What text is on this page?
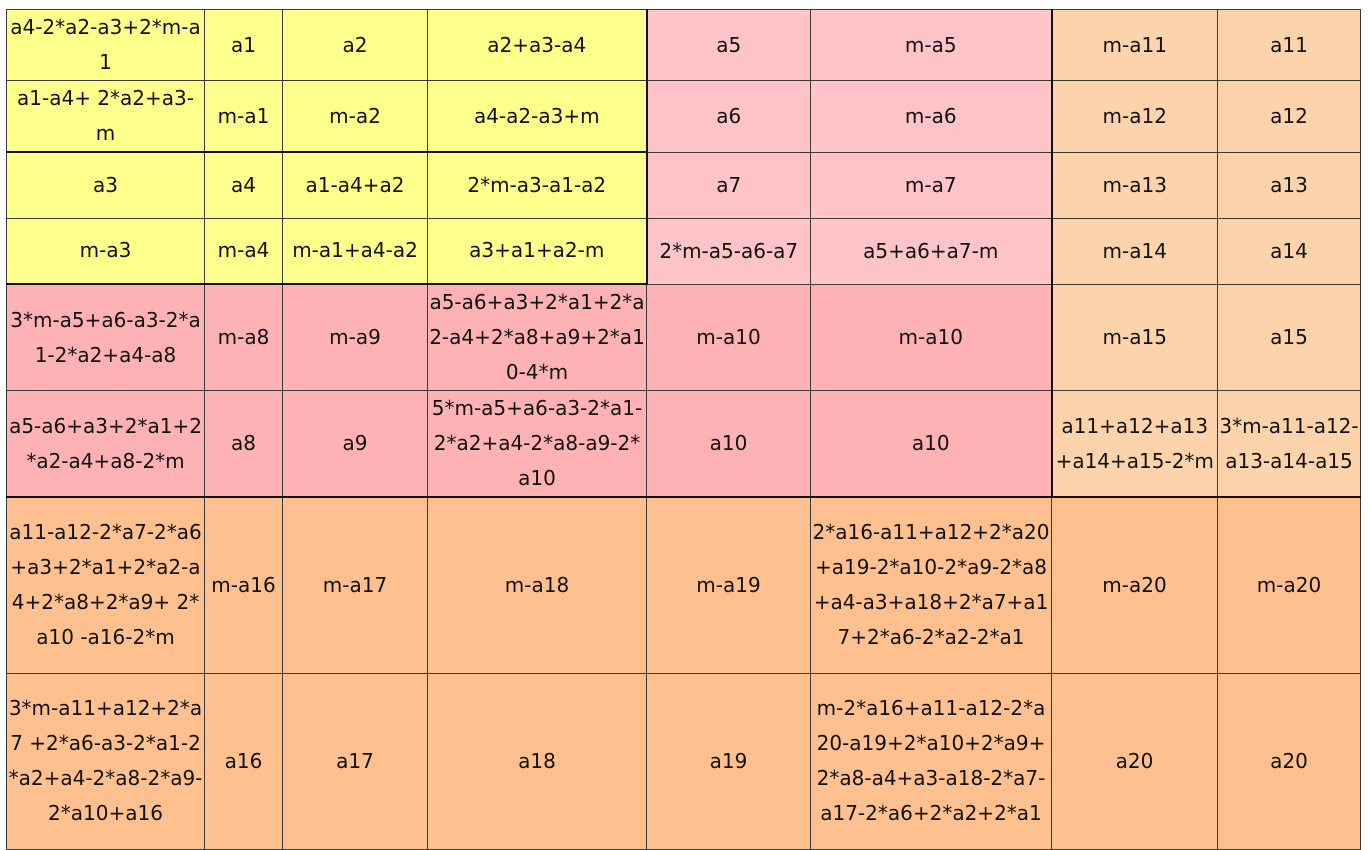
a4-2*a2-a3+2*m-a1	a1	a2	a2+a3-a4	a5	m-a5	m-a11	a11
a1-a4+ 2*a2+a3-m	m-a1	m-a2	a4-a2-a3+m	a6	m-a6	m-a12	a12
a3	a4	a1-a4+a2	2*m-a3-a1-a2	a7	m-a7	m-a13	a13
m-a3	m-a4	m-a1+a4-a2	a3+a1+a2-m	2*m-a5-a6-a7	a5+a6+a7-m	m-a14	a14
3*m-a5+a6-a3-2*a1-2*a2+a4-a8	m-a8	m-a9	a5-a6+a3+2*a1+2*a2-a4+2*a8+a9+2*a10-4*m	m-a10	m-a10	m-a15	a15
a5-a6+a3+2*a1+2*a2-a4+a8-2*m	a8	a9	5*m-a5+a6-a3-2*a1-2*a2+a4-2*a8-a9-2*a10	a10	a10	a11+a12+a13+a14+a15-2*m	3*m-a11-a12-a13-a14-a15
a11-a12-2*a7-2*a6+a3+2*a1+2*a2-a4+2*a8+2*a9+ 2*a10 -a16-2*m	m-a16	m-a17	m-a18	m-a19	2*a16-a11+a12+2*a20+a19-2*a10-2*a9-2*a8+a4-a3+a18+2*a7+a17+2*a6-2*a2-2*a1	m-a20	m-a20
3*m-a11+a12+2*a7 +2*a6-a3-2*a1-2*a2+a4-2*a8-2*a9-2*a10+a16	a16	a17	a18	a19	m-2*a16+a11-a12-2*a20-a19+2*a10+2*a9+2*a8-a4+a3-a18-2*a7-a17-2*a6+2*a2+2*a1	a20	a20
